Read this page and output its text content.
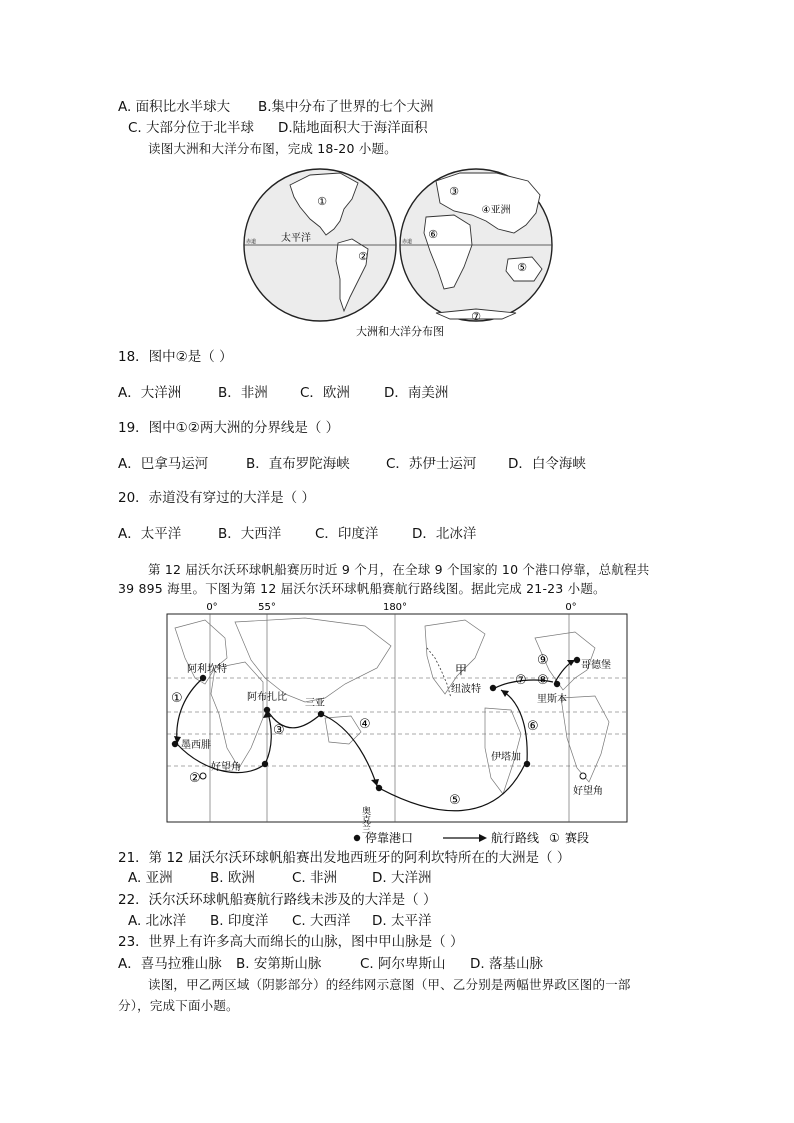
A. 面积比水半球大 B.集中分布了世界的七个大洲
C. 大部分位于北半球 D.陆地面积大于海洋面积
读图大洲和大洋分布图，完成 18-20 小题。
①
②
太平洋
赤道	赤道
③
④亚洲
⑤
⑥
⑦
大洲和大洋分布图
18．图中②是（ ）
A．大洋洲	B．非洲 C．欧洲	D．南美洲
19．图中①②两大洲的分界线是（ ）
A．巴拿马运河	B．直布罗陀海峡	C．苏伊士运河 D．白令海峡
20．赤道没有穿过的大洋是（ ）
A．太平洋	B．大西洋 C．印度洋 D．北冰洋
第 12 届沃尔沃环球帆船赛历时近 9 个月，在全球 9 个国家的 10 个港口停靠，总航程共
39 895 海里。下图为第 12 届沃尔沃环球帆船赛航行路线图。据此完成 21-23 小题。
0°	55°	180°	0°
阿利坎特
阿布扎比
三亚
墨西腓
好望角
奥克兰
纽波特
甲
伊塔加
里斯本
哥德堡
好望角
①
②
③	④
⑤
⑥
⑦ ⑧
⑨
停靠港口	航行路线 ① 赛段
21．第 12 届沃尔沃环球帆船赛出发地西班牙的阿利坎特所在的大洲是（ ）
A. 亚洲	B. 欧洲	C. 非洲	D. 大洋洲
22．沃尔沃环球帆船赛航行路线未涉及的大洋是（ ）
A. 北冰洋 B. 印度洋 C. 大西洋 D. 太平洋
23．世界上有许多高大而绵长的山脉，图中甲山脉是（ ）
A．喜马拉雅山脉 B. 安第斯山脉	C. 阿尔卑斯山 D. 落基山脉
读图，甲乙两区域（阴影部分）的经纬网示意图（甲、乙分别是两幅世界政区图的一部
分），完成下面小题。
